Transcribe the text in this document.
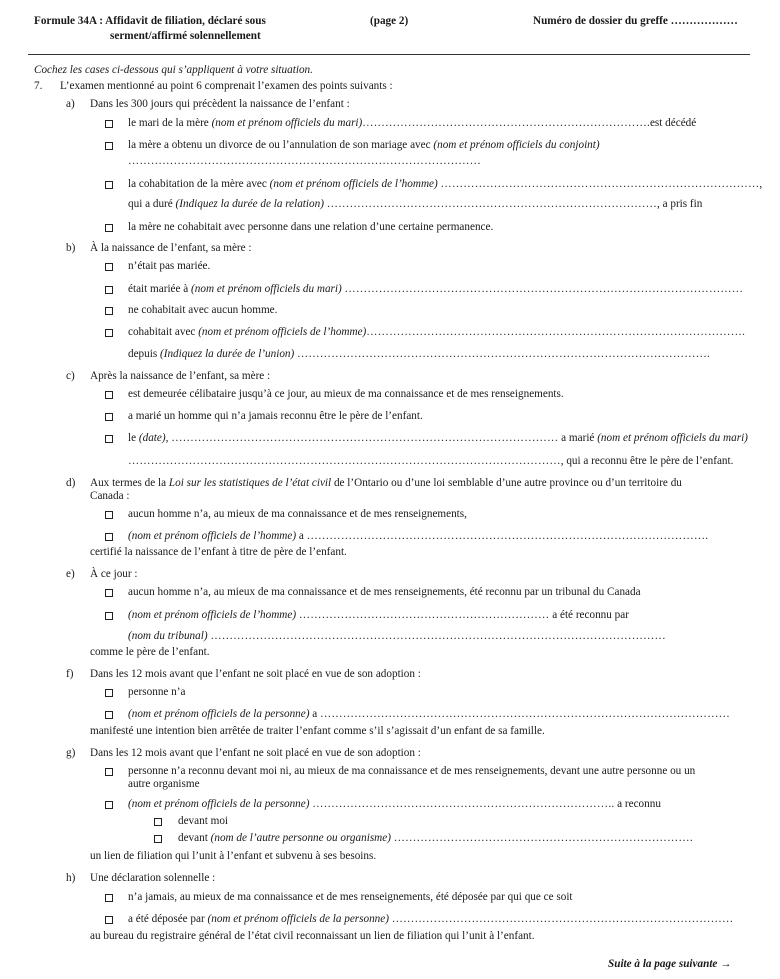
Formule 34A : Affidavit de filiation, déclaré sous
serment/affirmé solennellement
(page 2)	Numéro de dossier du greffe ………………
Cochez les cases ci-dessous qui s’appliquent à votre situation.
7. L’examen mentionné au point 6 comprenait l’examen des points suivants :
a) Dans les 300 jours qui précèdent la naissance de l’enfant :
le mari de la mère (nom et prénom officiels du mari)………………………………………………………………….est décédé
la mère a obtenu un divorce de ou l’annulation de son mariage avec (nom et prénom officiels du conjoint)
…………………………………………………………………………………
la cohabitation de la mère avec (nom et prénom officiels de l’homme) …………………………………………………………………………,
qui a duré (Indiquez la durée de la relation) ……………………………………………………………………………, a pris fin
la mère ne cohabitait avec personne dans une relation d’une certaine permanence.
b) À la naissance de l’enfant, sa mère :
n’était pas mariée.
était mariée à (nom et prénom officiels du mari) ……………………………………………………………………………………………
ne cohabitait avec aucun homme.
cohabitait avec (nom et prénom officiels de l’homme)……………………………………………………………………………………….
depuis (Indiquez la durée de l’union) ……………………………………………………………………………………………….
c) Après la naissance de l’enfant, sa mère :
est demeurée célibataire jusqu’à ce jour, au mieux de ma connaissance et de mes renseignements.
a marié un homme qui n’a jamais reconnu être le père de l’enfant.
le (date), ………………………………………………………………………………………… a marié (nom et prénom officiels du mari)
……………………………………………………………………………………………………, qui a reconnu être le père de l’enfant.
d) Aux termes de la Loi sur les statistiques de l’état civil de l’Ontario ou d’une loi semblable d’une autre province ou d’un territoire du
Canada :
aucun homme n’a, au mieux de ma connaissance et de mes renseignements,
(nom et prénom officiels de l’homme) a …………………………………………………………………………………………….
certifié la naissance de l’enfant à titre de père de l’enfant.
e) À ce jour :
aucun homme n’a, au mieux de ma connaissance et de mes renseignements, été reconnu par un tribunal du Canada
(nom et prénom officiels de l’homme) ………………………………………………………… a été reconnu par
(nom du tribunal) …………………………………………………………………………………………………………
comme le père de l’enfant.
f) Dans les 12 mois avant que l’enfant ne soit placé en vue de son adoption :
personne n’a
(nom et prénom officiels de la personne) a ………………………………………………………………………………………………
manifesté une intention bien arrêtée de traiter l’enfant comme s’il s’agissait d’un enfant de sa famille.
g) Dans les 12 mois avant que l’enfant ne soit placé en vue de son adoption :
personne n’a reconnu devant moi ni, au mieux de ma connaissance et de mes renseignements, devant une autre personne ou un
autre organisme
(nom et prénom officiels de la personne) …………………………………………………………………….. a reconnu
devant moi
devant (nom de l’autre personne ou organisme) …………………………………………………………………….
un lien de filiation qui l’unit à l’enfant et subvenu à ses besoins.
h) Une déclaration solennelle :
n’a jamais, au mieux de ma connaissance et de mes renseignements, été déposée par qui que ce soit
a été déposée par (nom et prénom officiels de la personne) ………………………………………………………………………………
au bureau du registraire général de l’état civil reconnaissant un lien de filiation qui l’unit à l’enfant.
Suite à la page suivante →
